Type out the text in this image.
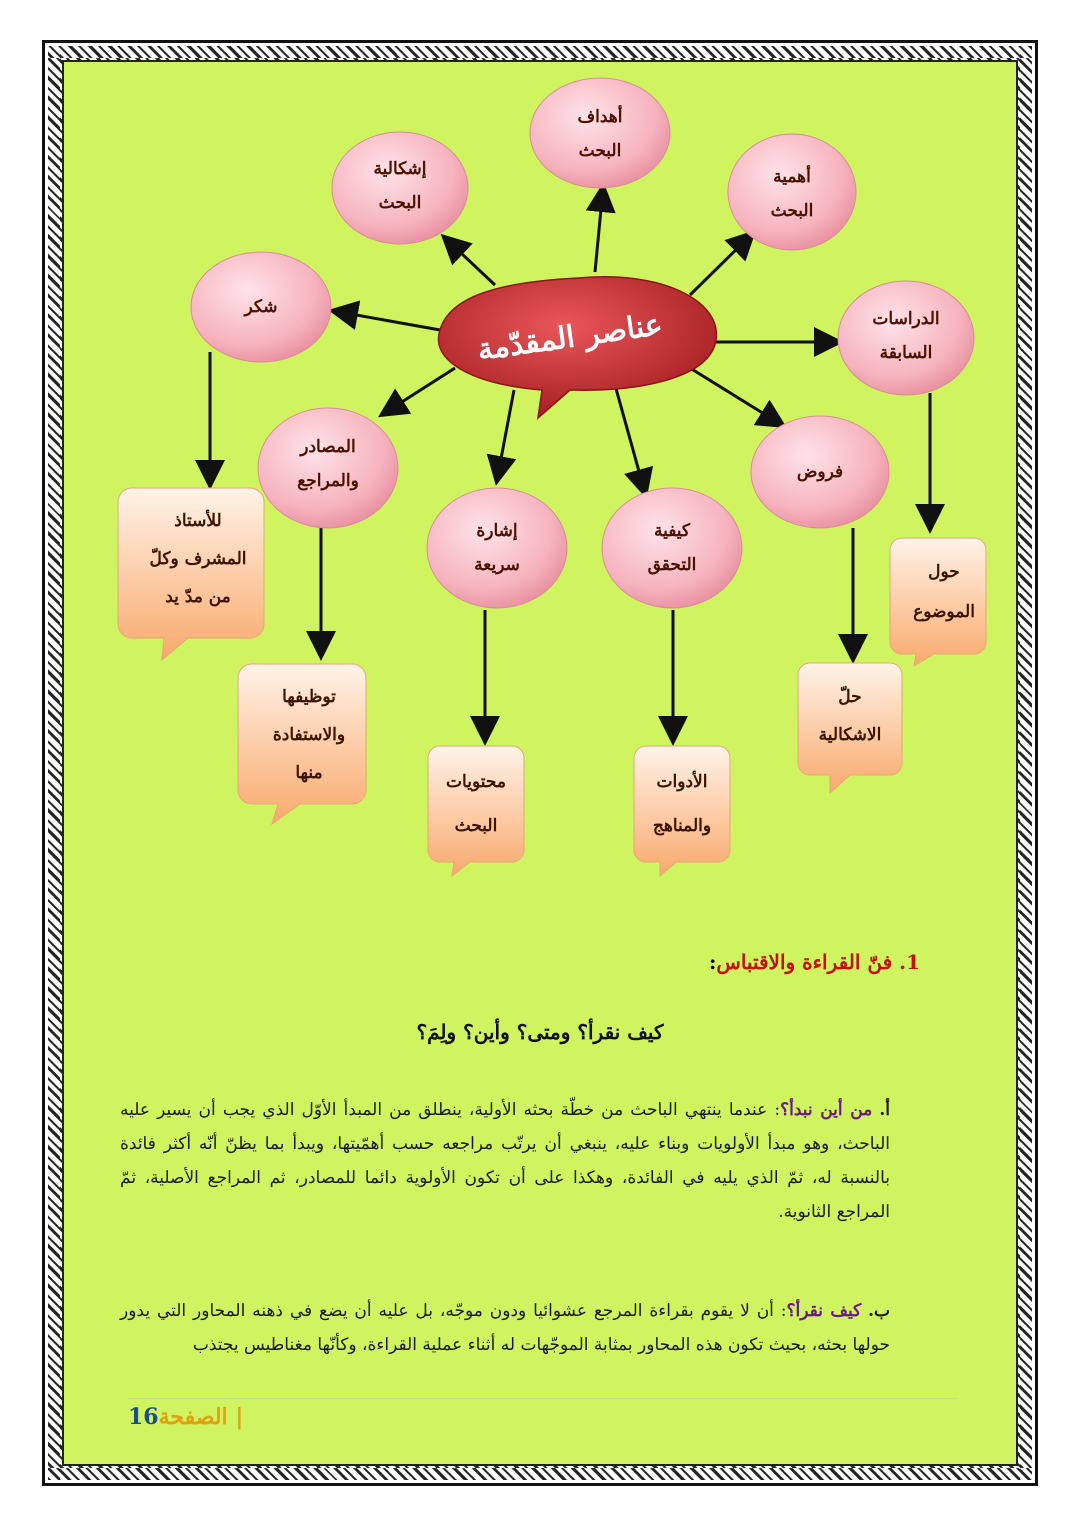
عناصر المقدّمة
أهداف
البحث
إشكالية
البحث
أهمية
البحث
شكر
الدراسات
السابقة
المصادر
والمراجع	فروض
إشارة
سريعة
كيفية
التحقق
للأستاذ
المشرف وكلّ
من مدّ يد
حول
الموضوع
توظيفها
والاستفادة
منها
حلّ
الاشكالية
محتويات
البحث
الأدوات
والمناهج
1. فنّ القراءة والاقتباس:
كيف نقرأ؟ ومتى؟ وأين؟ ولِمَ؟
أ. من أين نبدأ؟: عندما ينتهي الباحث من خطّة بحثه الأولية، ينطلق من المبدأ الأوّل الذي يجب أن يسير عليه الباحث، وهو مبدأ الأولويات وبناء عليه، ينبغي أن يرتّب مراجعه حسب أهمّيتها، ويبدأ بما يظنّ أنّه أكثر فائدة بالنسبة له، ثمّ الذي يليه في الفائدة، وهكذا على أن تكون الأولوية دائما للمصادر، ثم المراجع الأصلية، ثمّ المراجع الثانوية.
ب. كيف نقرأ؟: أن لا يقوم بقراءة المرجع عشوائيا ودون موجّه، بل عليه أن يضع في ذهنه المحاور التي يدور حولها بحثه، بحيث تكون هذه المحاور بمثابة الموجّهات له أثناء عملية القراءة، وكأنّها مغناطيس يجتذب
| الصفحة16
